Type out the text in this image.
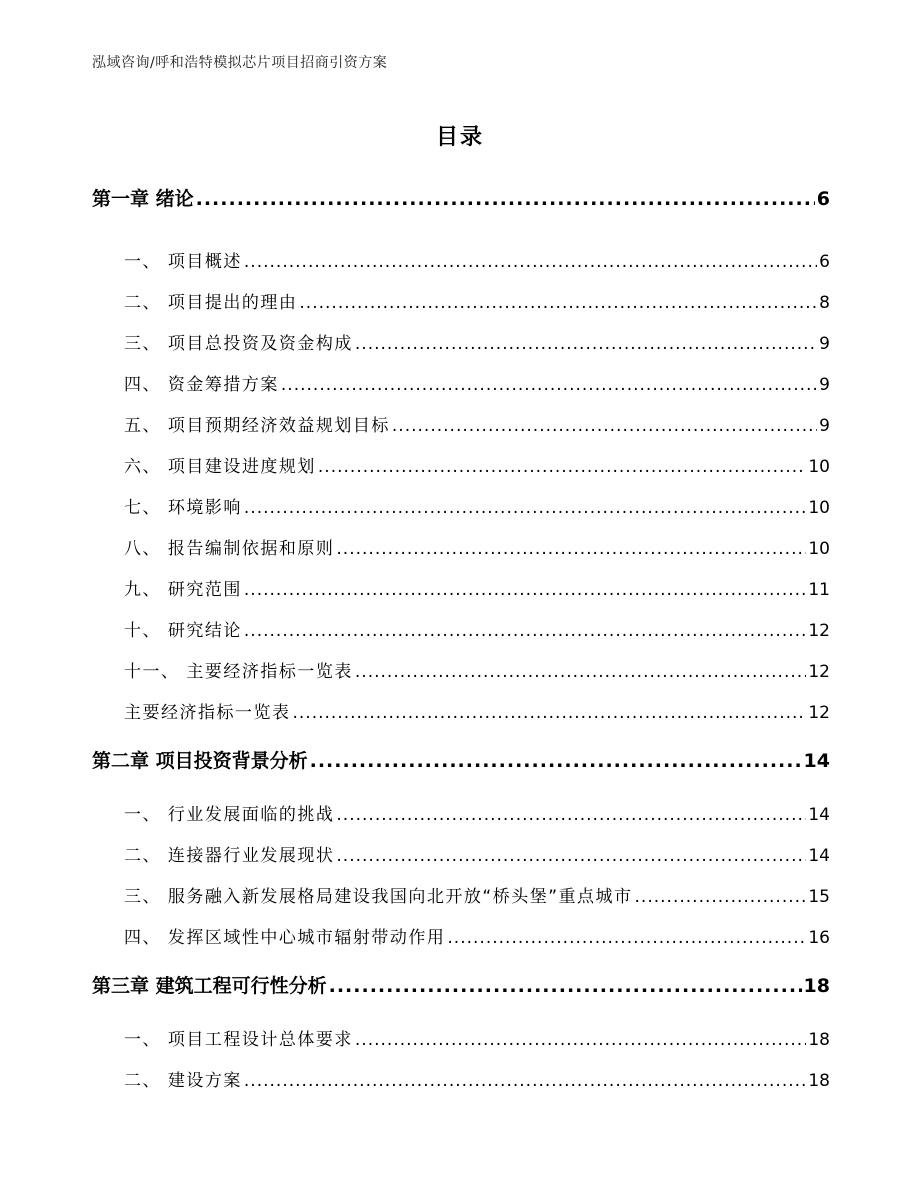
泓域咨询/呼和浩特模拟芯片项目招商引资方案
目录
第一章 绪论 .....	6
一、 项目概述 .....	6
二、 项目提出的理由 .....	8
三、 项目总投资及资金构成 .....	9
四、 资金筹措方案 .....	9
五、 项目预期经济效益规划目标 .....	9
六、 项目建设进度规划 .....	10
七、 环境影响 .....	10
八、 报告编制依据和原则 .....	10
九、 研究范围 .....	11
十、 研究结论 .....	12
十一、 主要经济指标一览表 .....	12
主要经济指标一览表 .....	12
第二章 项目投资背景分析 .....	14
一、 行业发展面临的挑战 .....	14
二、 连接器行业发展现状 .....	14
三、 服务融入新发展格局建设我国向北开放“桥头堡”重点城市 .....	15
四、 发挥区域性中心城市辐射带动作用 .....	16
第三章 建筑工程可行性分析 .....	18
一、 项目工程设计总体要求 .....	18
二、 建设方案 .....	18
